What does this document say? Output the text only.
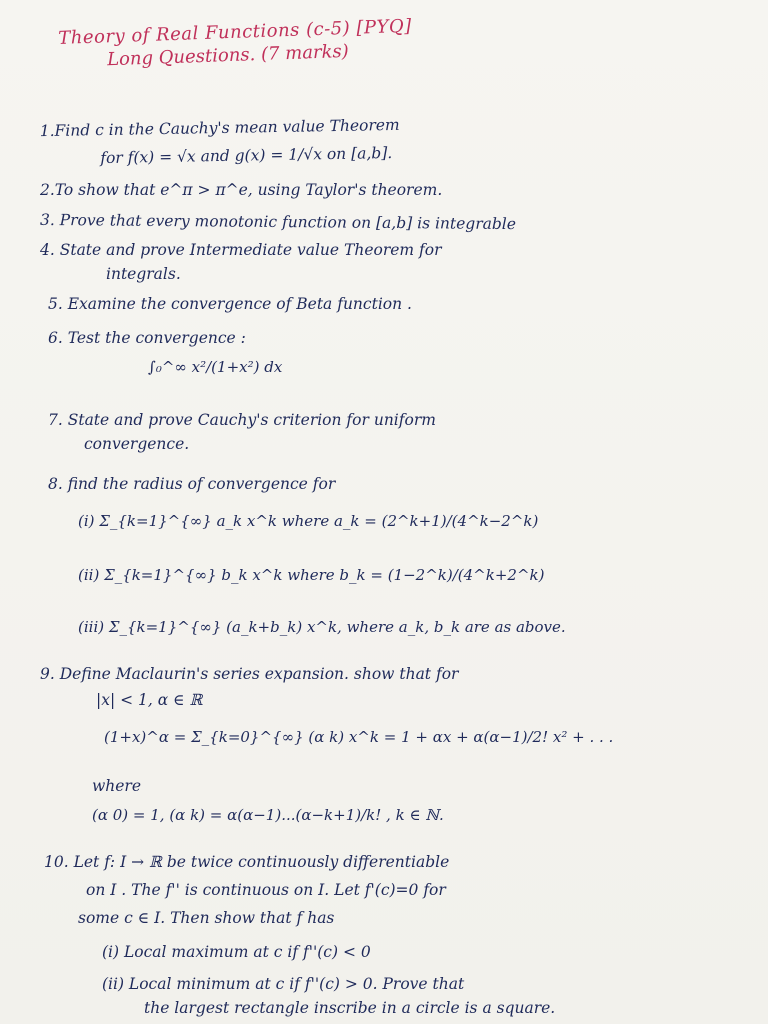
Theory of Real Functions (c-5) [PYQ]
Long Questions. (7 marks)
1.Find c in the Cauchy's mean value Theorem
for f(x) = √x and g(x) = 1/√x on [a,b].
2.To show that e^π > π^e, using Taylor's theorem.
3. Prove that every monotonic function on [a,b] is integrable
4. State and prove Intermediate value Theorem for
integrals.
5. Examine the convergence of Beta function .
6. Test the convergence :
∫₀^∞ x²/(1+x²) dx
7. State and prove Cauchy's criterion for uniform
convergence.
8. find the radius of convergence for
(i) Σ_{k=1}^{∞} a_k x^k where a_k = (2^k+1)/(4^k−2^k)
(ii) Σ_{k=1}^{∞} b_k x^k where b_k = (1−2^k)/(4^k+2^k)
(iii) Σ_{k=1}^{∞} (a_k+b_k) x^k, where a_k, b_k are as above.
9. Define Maclaurin's series expansion. show that for
|x| < 1, α ∈ ℝ
(1+x)^α = Σ_{k=0}^{∞} (α k) x^k = 1 + αx + α(α−1)/2! x² + . . .
where
(α 0) = 1, (α k) = α(α−1)...(α−k+1)/k! , k ∈ ℕ.
10. Let f: I → ℝ be twice continuously differentiable
on I . The f'' is continuous on I. Let f'(c)=0 for
some c ∈ I. Then show that f has
(i) Local maximum at c if f''(c) < 0
(ii) Local minimum at c if f''(c) > 0. Prove that
the largest rectangle inscribe in a circle is a square.
